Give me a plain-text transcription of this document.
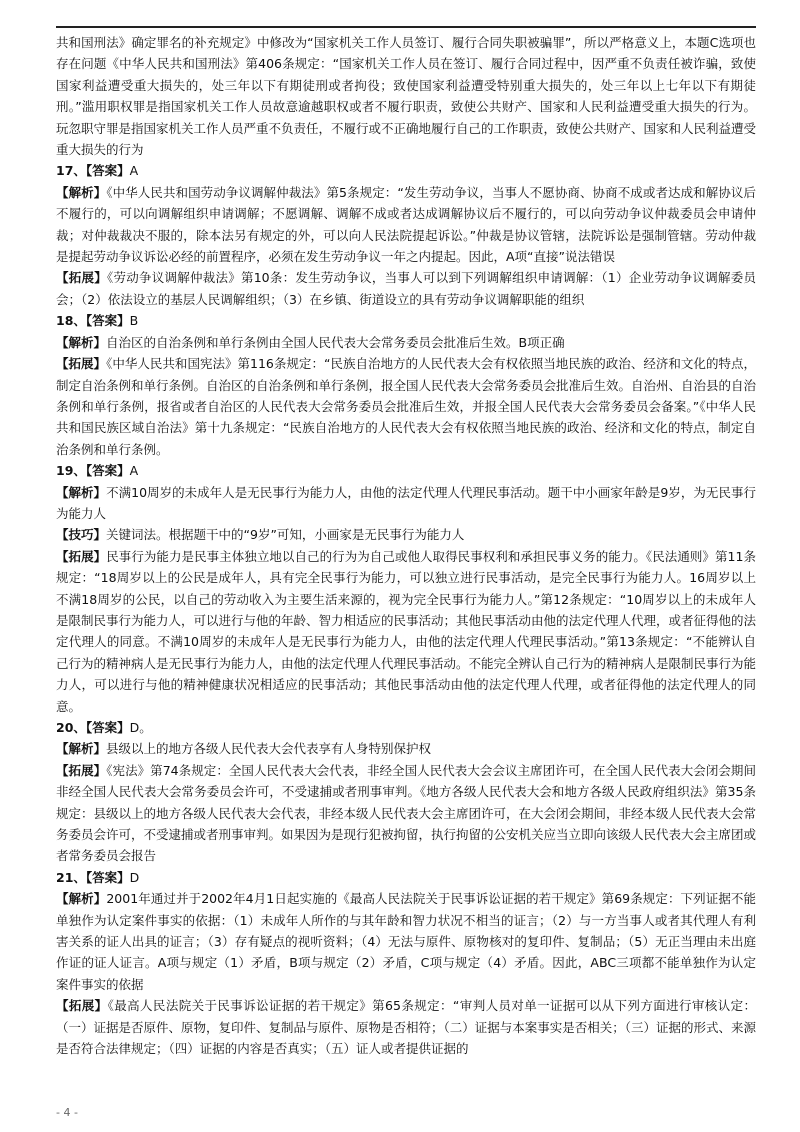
共和国刑法》确定罪名的补充规定》中修改为“国家机关工作人员签订、履行合同失职被骗罪”，所以严格意义上，本题C选项也存在问题《中华人民共和国刑法》第406条规定：“国家机关工作人员在签订、履行合同过程中，因严重不负责任被诈骗，致使国家利益遭受重大损失的，处三年以下有期徒刑或者拘役；致使国家利益遭受特别重大损失的，处三年以上七年以下有期徒刑。”滥用职权罪是指国家机关工作人员故意逾越职权或者不履行职责，致使公共财产、国家和人民利益遭受重大损失的行为。玩忽职守罪是指国家机关工作人员严重不负责任，不履行或不正确地履行自己的工作职责，致使公共财产、国家和人民利益遭受重大损失的行为

17、【答案】A

【解析】《中华人民共和国劳动争议调解仲裁法》第5条规定：“发生劳动争议，当事人不愿协商、协商不成或者达成和解协议后不履行的，可以向调解组织申请调解；不愿调解、调解不成或者达成调解协议后不履行的，可以向劳动争议仲裁委员会申请仲裁；对仲裁裁决不服的，除本法另有规定的外，可以向人民法院提起诉讼。”仲裁是协议管辖，法院诉讼是强制管辖。劳动仲裁是提起劳动争议诉讼必经的前置程序，必须在发生劳动争议一年之内提起。因此，A项“直接”说法错误

【拓展】《劳动争议调解仲裁法》第10条：发生劳动争议，当事人可以到下列调解组织申请调解：（1）企业劳动争议调解委员会；（2）依法设立的基层人民调解组织；（3）在乡镇、街道设立的具有劳动争议调解职能的组织

18、【答案】B

【解析】自治区的自治条例和单行条例由全国人民代表大会常务委员会批准后生效。B项正确

【拓展】《中华人民共和国宪法》第116条规定：“民族自治地方的人民代表大会有权依照当地民族的政治、经济和文化的特点，制定自治条例和单行条例。自治区的自治条例和单行条例，报全国人民代表大会常务委员会批准后生效。自治州、自治县的自治条例和单行条例，报省或者自治区的人民代表大会常务委员会批准后生效，并报全国人民代表大会常务委员会备案。”《中华人民共和国民族区域自治法》第十九条规定：“民族自治地方的人民代表大会有权依照当地民族的政治、经济和文化的特点，制定自治条例和单行条例。

19、【答案】A

【解析】不满10周岁的未成年人是无民事行为能力人，由他的法定代理人代理民事活动。题干中小画家年龄是9岁，为无民事行为能力人

【技巧】关键词法。根据题干中的“9岁”可知，小画家是无民事行为能力人

【拓展】民事行为能力是民事主体独立地以自己的行为为自己或他人取得民事权利和承担民事义务的能力。《民法通则》第11条规定：“18周岁以上的公民是成年人，具有完全民事行为能力，可以独立进行民事活动，是完全民事行为能力人。16周岁以上不满18周岁的公民，以自己的劳动收入为主要生活来源的，视为完全民事行为能力人。”第12条规定：“10周岁以上的未成年人是限制民事行为能力人，可以进行与他的年龄、智力相适应的民事活动；其他民事活动由他的法定代理人代理，或者征得他的法定代理人的同意。不满10周岁的未成年人是无民事行为能力人，由他的法定代理人代理民事活动。”第13条规定：“不能辨认自己行为的精神病人是无民事行为能力人，由他的法定代理人代理民事活动。不能完全辨认自己行为的精神病人是限制民事行为能力人，可以进行与他的精神健康状况相适应的民事活动；其他民事活动由他的法定代理人代理，或者征得他的法定代理人的同意。

20、【答案】D。

【解析】县级以上的地方各级人民代表大会代表享有人身特别保护权

【拓展】《宪法》第74条规定：全国人民代表大会代表，非经全国人民代表大会会议主席团许可，在全国人民代表大会闭会期间非经全国人民代表大会常务委员会许可，不受逮捕或者刑事审判。《地方各级人民代表大会和地方各级人民政府组织法》第35条规定：县级以上的地方各级人民代表大会代表，非经本级人民代表大会主席团许可，在大会闭会期间，非经本级人民代表大会常务委员会许可，不受逮捕或者刑事审判。如果因为是现行犯被拘留，执行拘留的公安机关应当立即向该级人民代表大会主席团或者常务委员会报告

21、【答案】D

【解析】2001年通过并于2002年4月1日起实施的《最高人民法院关于民事诉讼证据的若干规定》第69条规定：下列证据不能单独作为认定案件事实的依据：（1）未成年人所作的与其年龄和智力状况不相当的证言；（2）与一方当事人或者其代理人有利害关系的证人出具的证言；（3）存有疑点的视听资料；（4）无法与原件、原物核对的复印件、复制品；（5）无正当理由未出庭作证的证人证言。A项与规定（1）矛盾，B项与规定（2）矛盾，C项与规定（4）矛盾。因此，ABC三项都不能单独作为认定案件事实的依据

【拓展】《最高人民法院关于民事诉讼证据的若干规定》第65条规定：“审判人员对单一证据可以从下列方面进行审核认定：（一）证据是否原件、原物，复印件、复制品与原件、原物是否相符；（二）证据与本案事实是否相关；（三）证据的形式、来源是否符合法律规定；（四）证据的内容是否真实；（五）证人或者提供证据的

- 4 -
